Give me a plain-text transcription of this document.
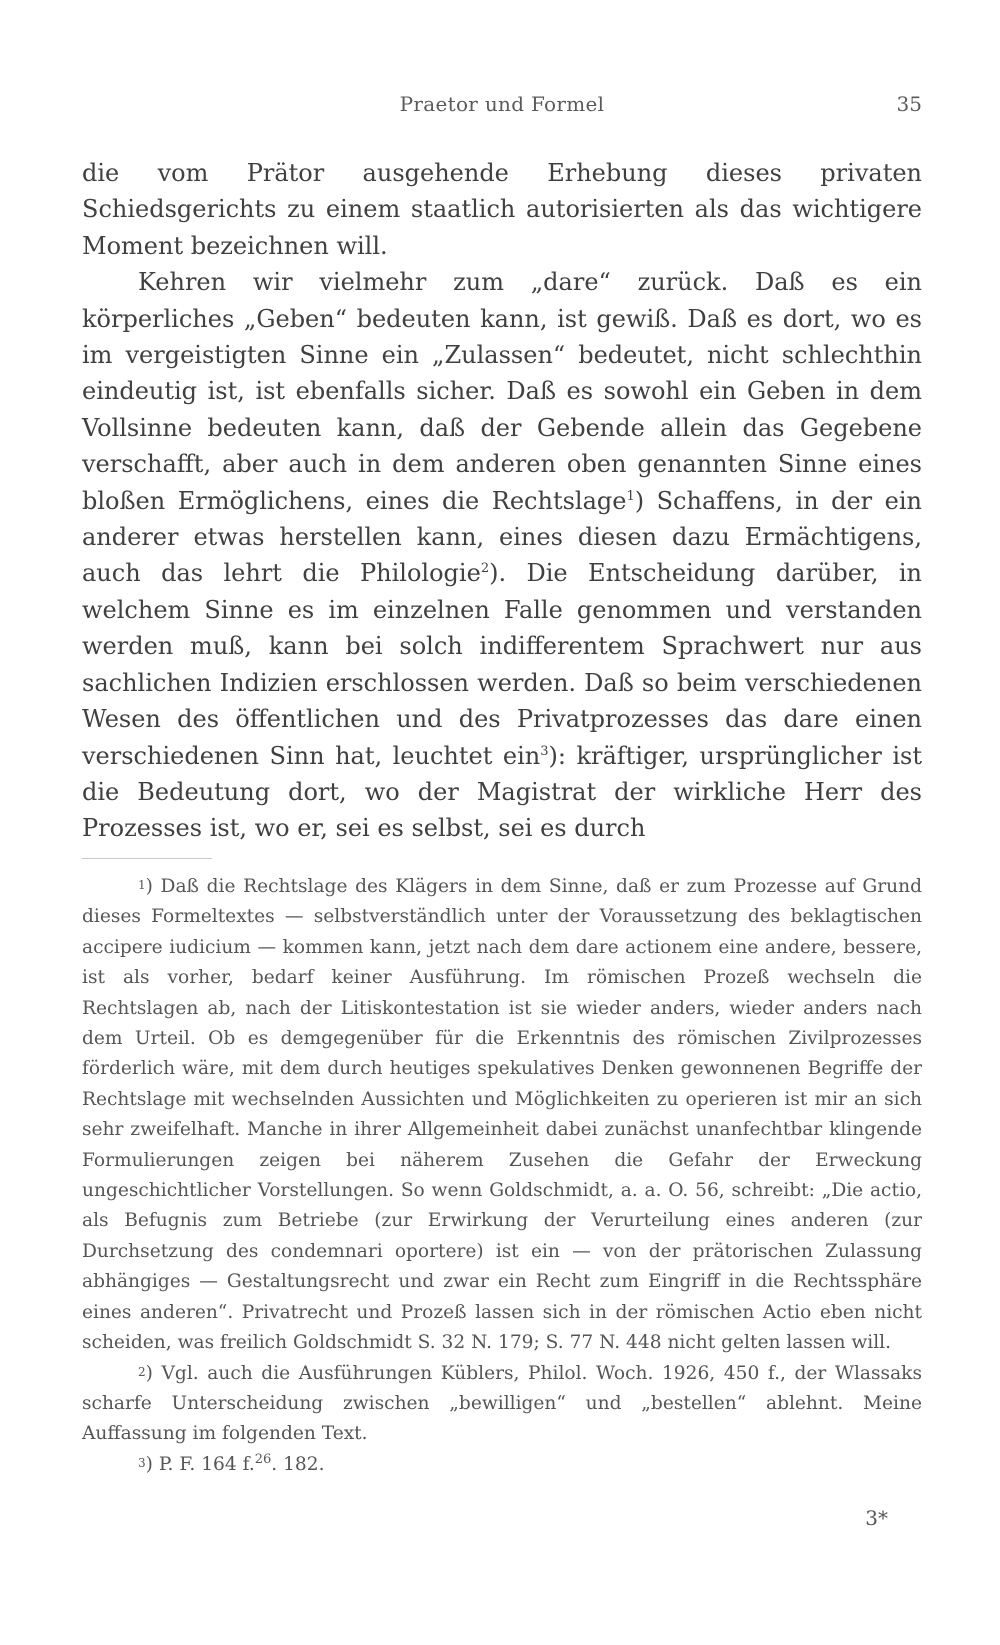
Praetor und Formel	35

die vom Prätor ausgehende Erhebung dieses privaten Schiedsgerichts zu einem staatlich autorisierten als das wichtigere Moment bezeichnen will.

Kehren wir vielmehr zum „dare“ zurück. Daß es ein körperliches „Geben“ bedeuten kann, ist gewiß. Daß es dort, wo es im vergeistigten Sinne ein „Zulassen“ bedeutet, nicht schlechthin eindeutig ist, ist ebenfalls sicher. Daß es sowohl ein Geben in dem Vollsinne bedeuten kann, daß der Gebende allein das Gegebene verschafft, aber auch in dem anderen oben genannten Sinne eines bloßen Ermöglichens, eines die Rechtslage$^1$) Schaffens, in der ein anderer etwas herstellen kann, eines diesen dazu Ermächtigens, auch das lehrt die Philologie$^2$). Die Entscheidung darüber, in welchem Sinne es im einzelnen Falle genommen und verstanden werden muß, kann bei solch indifferentem Sprachwert nur aus sachlichen Indizien erschlossen werden. Daß so beim verschiedenen Wesen des öffentlichen und des Privatprozesses das dare einen verschiedenen Sinn hat, leuchtet ein$^3$): kräftiger, ursprünglicher ist die Bedeutung dort, wo der Magistrat der wirkliche Herr des Prozesses ist, wo er, sei es selbst, sei es durch

$^1$) Daß die Rechtslage des Klägers in dem Sinne, daß er zum Prozesse auf Grund dieses Formeltextes — selbstverständlich unter der Voraussetzung des beklagtischen accipere iudicium — kommen kann, jetzt nach dem dare actionem eine andere, bessere, ist als vorher, bedarf keiner Ausführung. Im römischen Prozeß wechseln die Rechtslagen ab, nach der Litiskontestation ist sie wieder anders, wieder anders nach dem Urteil. Ob es demgegenüber für die Erkenntnis des römischen Zivilprozesses förderlich wäre, mit dem durch heutiges spekulatives Denken gewonnenen Begriffe der Rechtslage mit wechselnden Aussichten und Möglichkeiten zu operieren ist mir an sich sehr zweifelhaft. Manche in ihrer Allgemeinheit dabei zunächst unanfechtbar klingende Formulierungen zeigen bei näherem Zusehen die Gefahr der Erweckung ungeschichtlicher Vorstellungen. So wenn Goldschmidt, a. a. O. 56, schreibt: „Die actio, als Befugnis zum Betriebe (zur Erwirkung der Verurteilung eines anderen (zur Durchsetzung des condemnari oportere) ist ein — von der prätorischen Zulassung abhängiges — Gestaltungsrecht und zwar ein Recht zum Eingriff in die Rechtssphäre eines anderen“. Privatrecht und Prozeß lassen sich in der römischen Actio eben nicht scheiden, was freilich Goldschmidt S. 32 N. 179; S. 77 N. 448 nicht gelten lassen will.

$^2$) Vgl. auch die Ausführungen Küblers, Philol. Woch. 1926, 450 f., der Wlassaks scharfe Unterscheidung zwischen „bewilligen“ und „bestellen“ ablehnt. Meine Auffassung im folgenden Text.

$^3$) P. F. 164 f.$^{26}$. 182.

3*
